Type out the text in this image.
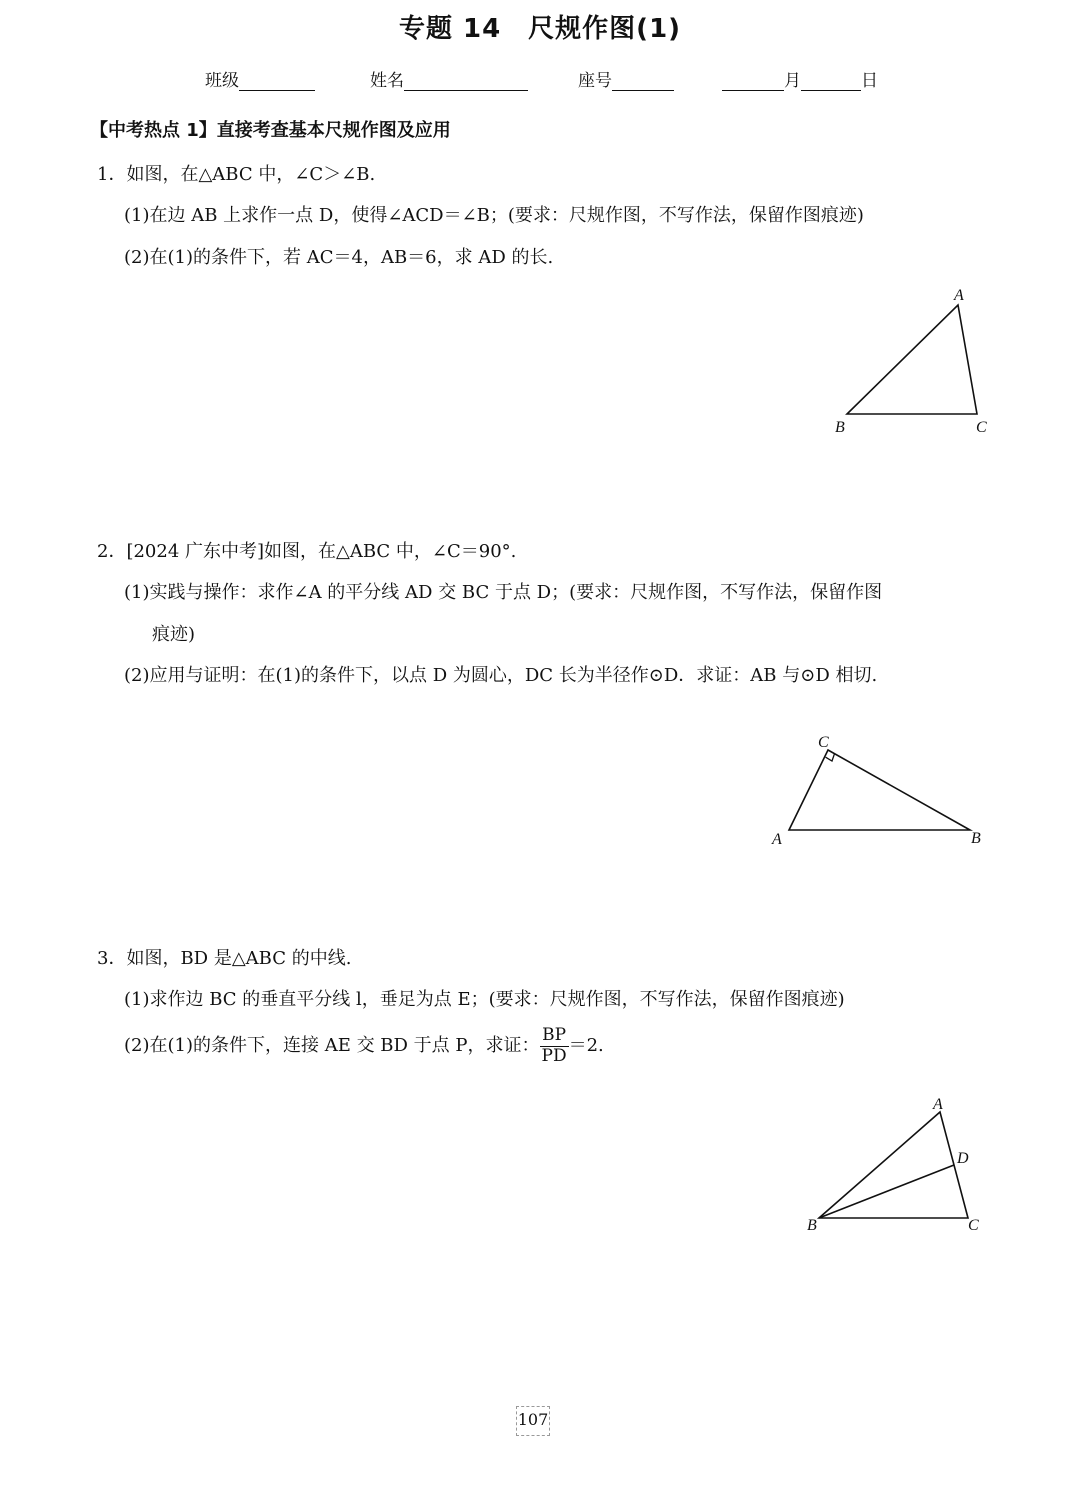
专题 14　尺规作图(1)
班级	姓名	座号	月	日
【中考热点 1】直接考查基本尺规作图及应用
1．如图，在△ABC 中，∠C＞∠B.
(1)在边 AB 上求作一点 D，使得∠ACD＝∠B；(要求：尺规作图，不写作法，保留作图痕迹)
(2)在(1)的条件下，若 AC＝4，AB＝6，求 AD 的长.
A
B	C
2．[2024 广东中考]如图，在△ABC 中，∠C＝90°.
(1)实践与操作：求作∠A 的平分线 AD 交 BC 于点 D；(要求：尺规作图，不写作法，保留作图
痕迹)
(2)应用与证明：在(1)的条件下，以点 D 为圆心，DC 长为半径作⊙D．求证：AB 与⊙D 相切.
C
A	B
3．如图，BD 是△ABC 的中线.
(1)求作边 BC 的垂直平分线 l，垂足为点 E；(要求：尺规作图，不写作法，保留作图痕迹)
(2)在(1)的条件下，连接 AE 交 BD 于点 P，求证： $\frac{BP}{PD} =2$.
A
D
B	C
107
